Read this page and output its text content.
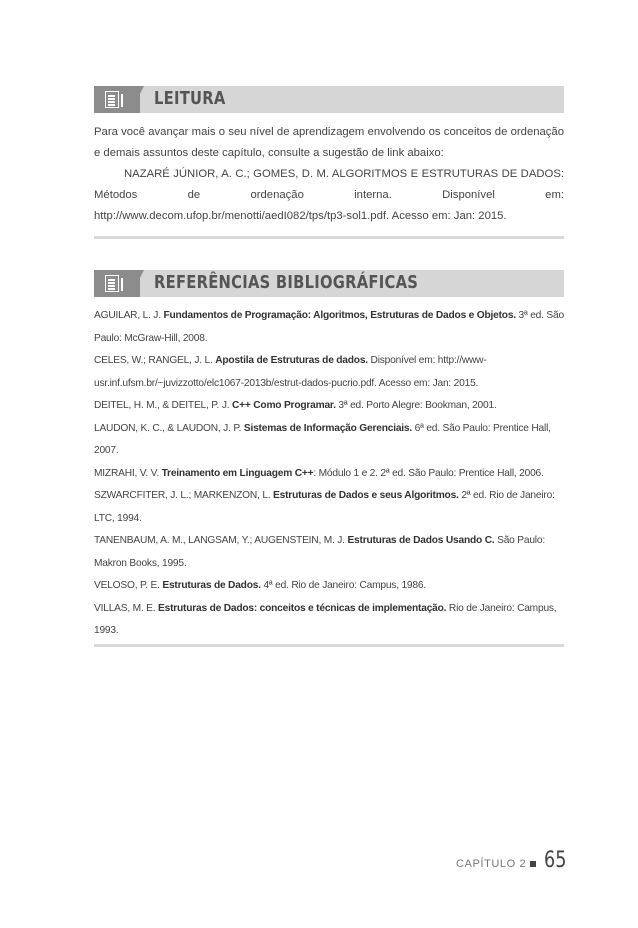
LEITURA

Para você avançar mais o seu nível de aprendizagem envolvendo os conceitos de ordenação e demais assuntos deste capítulo, consulte a sugestão de link abaixo:

NAZARÉ JÚNIOR, A. C.; GOMES, D. M. ALGORITMOS E ESTRUTURAS DE DADOS: Métodos de ordenação interna. Disponível em: http://www.decom.ufop.br/menotti/aedI082/tps/tp3-sol1.pdf. Acesso em: Jan: 2015.

REFERÊNCIAS BIBLIOGRÁFICAS

AGUILAR, L. J. Fundamentos de Programação: Algoritmos, Estruturas de Dados e Objetos. 3ª ed. São Paulo: McGraw-Hill, 2008.

CELES, W.; RANGEL, J. L. Apostila de Estruturas de dados. Disponível em: http://www-usr.inf.ufsm.br/~juvizzotto/elc1067-2013b/estrut-dados-pucrio.pdf. Acesso em: Jan: 2015.

DEITEL, H. M., & DEITEL, P. J. C++ Como Programar. 3ª ed. Porto Alegre: Bookman, 2001.

LAUDON, K. C., & LAUDON, J. P. Sistemas de Informação Gerenciais. 6ª ed. São Paulo: Prentice Hall, 2007.

MIZRAHI, V. V. Treinamento em Linguagem C++: Módulo 1 e 2. 2ª ed. São Paulo: Prentice Hall, 2006.

SZWARCFITER, J. L.; MARKENZON, L. Estruturas de Dados e seus Algoritmos. 2ª ed. Rio de Janeiro: LTC, 1994.

TANENBAUM, A. M., LANGSAM, Y.; AUGENSTEIN, M. J. Estruturas de Dados Usando C. São Paulo: Makron Books, 1995.

VELOSO, P. E. Estruturas de Dados. 4ª ed. Rio de Janeiro: Campus, 1986.

VILLAS, M. E. Estruturas de Dados: conceitos e técnicas de implementação. Rio de Janeiro: Campus, 1993.

CAPÍTULO 2 65
